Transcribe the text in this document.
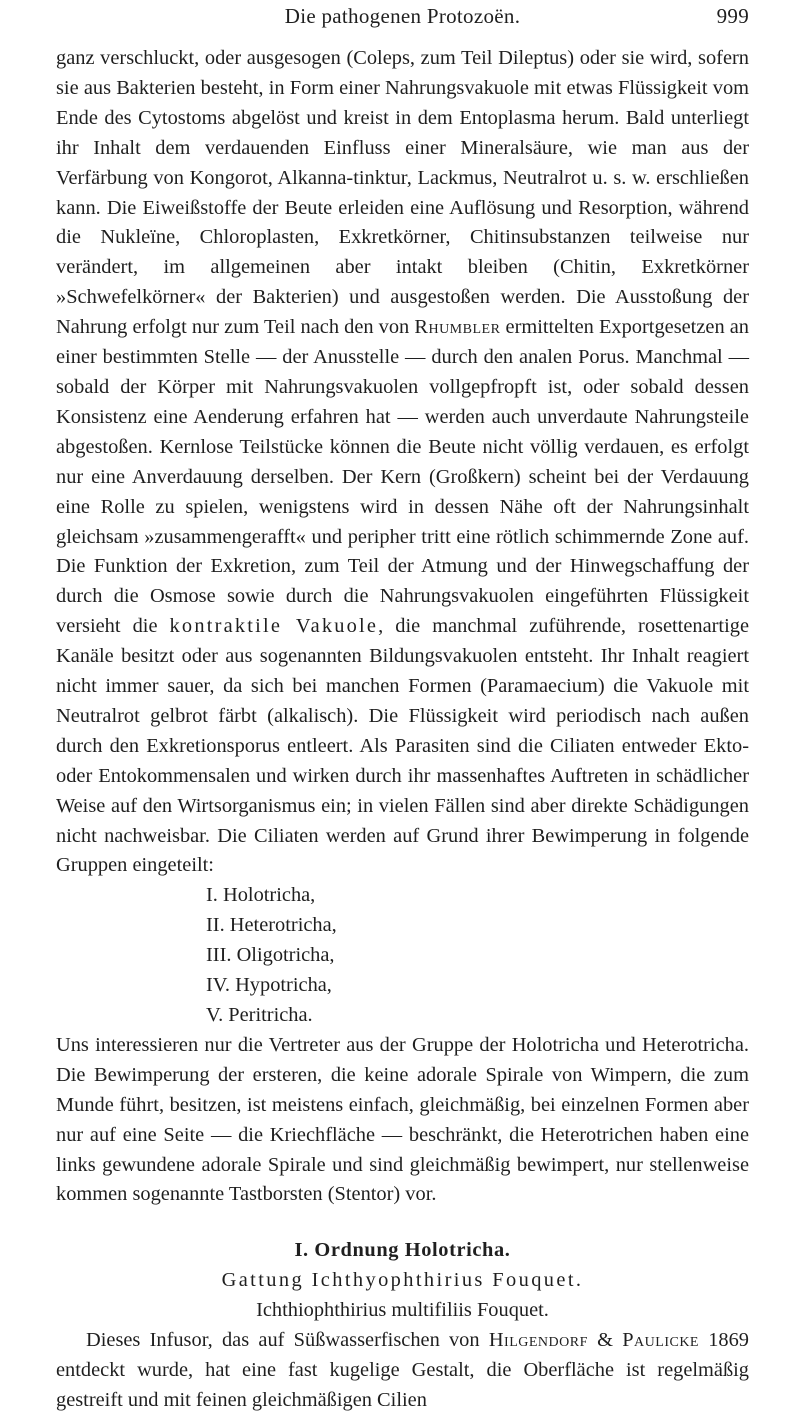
Die pathogenen Protozoën.	999

ganz verschluckt, oder ausgesogen (Coleps, zum Teil Dileptus) oder sie wird, sofern sie aus Bakterien besteht, in Form einer Nahrungsvakuole mit etwas Flüssigkeit vom Ende des Cytostoms abgelöst und kreist in dem Entoplasma herum. Bald unterliegt ihr Inhalt dem verdauenden Einfluss einer Mineralsäure, wie man aus der Verfärbung von Kongorot, Alkanna-tinktur, Lackmus, Neutralrot u. s. w. erschließen kann. Die Eiweißstoffe der Beute erleiden eine Auflösung und Resorption, während die Nukleïne, Chloroplasten, Exkretkörner, Chitinsubstanzen teilweise nur verändert, im allgemeinen aber intakt bleiben (Chitin, Exkretkörner »Schwefelkörner« der Bakterien) und ausgestoßen werden. Die Ausstoßung der Nahrung erfolgt nur zum Teil nach den von Rhumbler ermittelten Exportgesetzen an einer bestimmten Stelle — der Anusstelle — durch den analen Porus. Manchmal — sobald der Körper mit Nahrungsvakuolen vollgepfropft ist, oder sobald dessen Konsistenz eine Aenderung erfahren hat — werden auch unverdaute Nahrungsteile abgestoßen. Kernlose Teilstücke können die Beute nicht völlig verdauen, es erfolgt nur eine Anverdauung derselben. Der Kern (Großkern) scheint bei der Verdauung eine Rolle zu spielen, wenigstens wird in dessen Nähe oft der Nahrungsinhalt gleichsam »zusammengerafft« und peripher tritt eine rötlich schimmernde Zone auf. Die Funktion der Exkretion, zum Teil der Atmung und der Hinwegschaffung der durch die Osmose sowie durch die Nahrungsvakuolen eingeführten Flüssigkeit versieht die kontraktile Vakuole, die manchmal zuführende, rosettenartige Kanäle besitzt oder aus sogenannten Bildungsvakuolen entsteht. Ihr Inhalt reagiert nicht immer sauer, da sich bei manchen Formen (Paramaecium) die Vakuole mit Neutralrot gelbrot färbt (alkalisch). Die Flüssigkeit wird periodisch nach außen durch den Exkretionsporus entleert. Als Parasiten sind die Ciliaten entweder Ekto- oder Entokommensalen und wirken durch ihr massenhaftes Auftreten in schädlicher Weise auf den Wirtsorganismus ein; in vielen Fällen sind aber direkte Schädigungen nicht nachweisbar. Die Ciliaten werden auf Grund ihrer Bewimperung in folgende Gruppen eingeteilt:

I. Holotricha,
II. Heterotricha,
III. Oligotricha,
IV. Hypotricha,
V. Peritricha.

Uns interessieren nur die Vertreter aus der Gruppe der Holotricha und Heterotricha. Die Bewimperung der ersteren, die keine adorale Spirale von Wimpern, die zum Munde führt, besitzen, ist meistens einfach, gleichmäßig, bei einzelnen Formen aber nur auf eine Seite — die Kriechfläche — beschränkt, die Heterotrichen haben eine links gewundene adorale Spirale und sind gleichmäßig bewimpert, nur stellenweise kommen sogenannte Tastborsten (Stentor) vor.

I. Ordnung Holotricha.
Gattung Ichthyophthirius Fouquet.
Ichthiophthirius multifiliis Fouquet.

Dieses Infusor, das auf Süßwasserfischen von Hilgendorf & Paulicke 1869 entdeckt wurde, hat eine fast kugelige Gestalt, die Oberfläche ist regelmäßig gestreift und mit feinen gleichmäßigen Cilien
